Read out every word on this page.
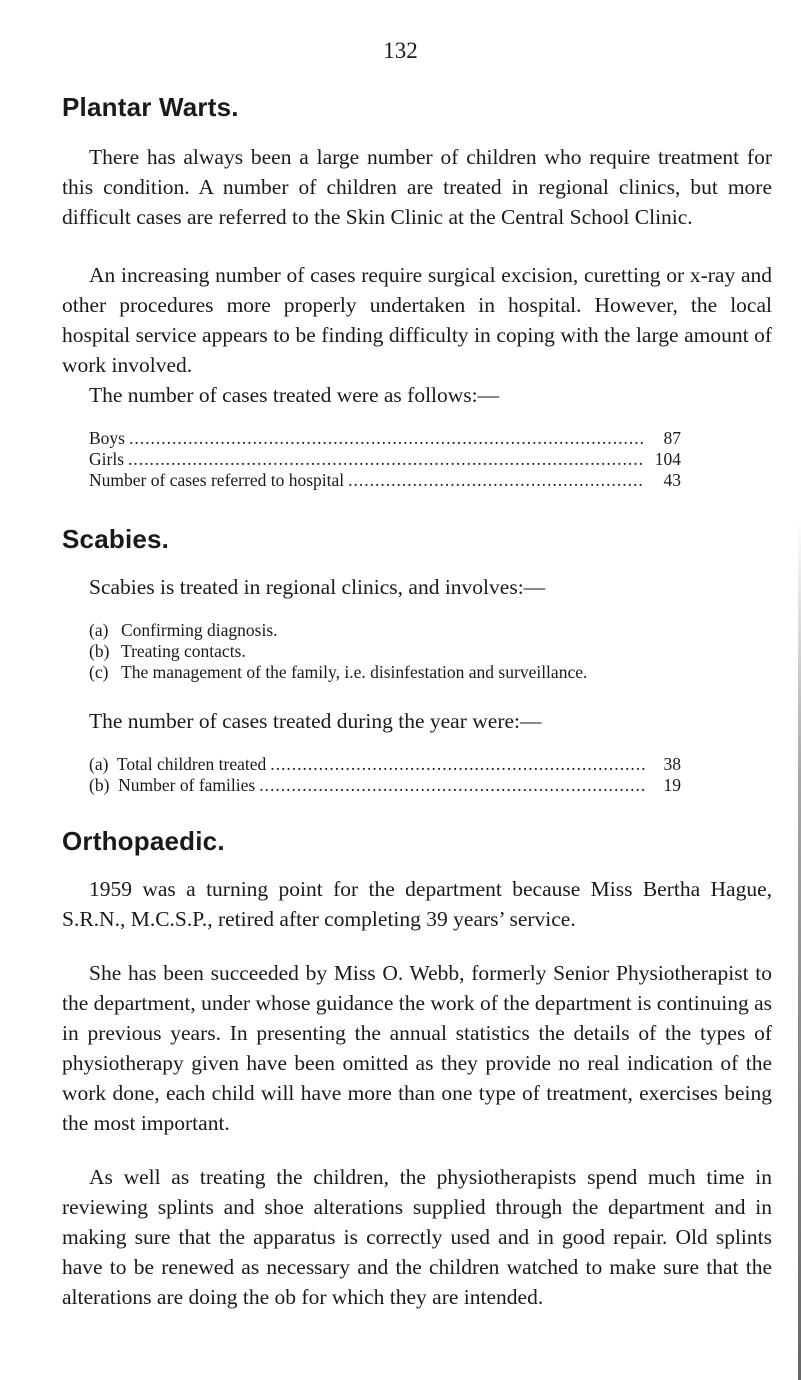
132
Plantar Warts.

There has always been a large number of children who require treatment for this condition. A number of children are treated in regional clinics, but more difficult cases are referred to the Skin Clinic at the Central School Clinic.

An increasing number of cases require surgical excision, curetting or x-ray and other procedures more properly undertaken in hospital. However, the local hospital service appears to be finding difficulty in coping with the large amount of work involved.

The number of cases treated were as follows:—

Boys .....	87
Girls .....	104
Number of cases referred to hospital .....	43
Scabies.

Scabies is treated in regional clinics, and involves:—

(a) Confirming diagnosis.
(b) Treating contacts.
(c) The management of the family, i.e. disinfestation and surveillance.

The number of cases treated during the year were:—

(a)  Total children treated .....	38
(b)  Number of families .....	19
Orthopaedic.

1959 was a turning point for the department because Miss Bertha Hague, S.R.N., M.C.S.P., retired after completing 39 years’ service.

She has been succeeded by Miss O. Webb, formerly Senior Physiotherapist to the department, under whose guidance the work of the department is continuing as in previous years. In presenting the annual statistics the details of the types of physiotherapy given have been omitted as they provide no real indication of the work done, each child will have more than one type of treatment, exercises being the most important.

As well as treating the children, the physiotherapists spend much time in reviewing splints and shoe alterations supplied through the department and in making sure that the apparatus is correctly used and in good repair. Old splints have to be renewed as necessary and the children watched to make sure that the alterations are doing the ob for which they are intended.
